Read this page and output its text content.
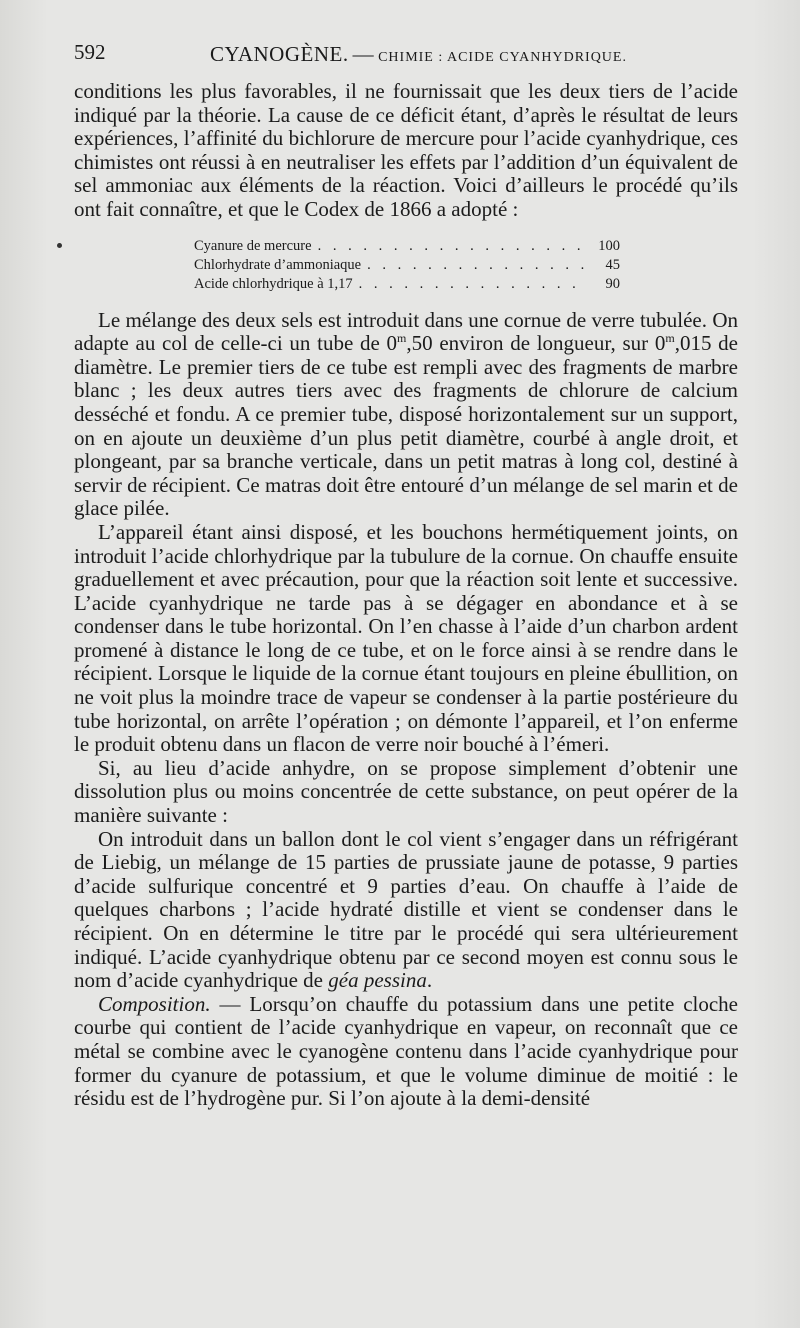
592	CYANOGÈNE. — CHIMIE : ACIDE CYANHYDRIQUE.

conditions les plus favorables, il ne fournissait que les deux tiers de l’acide indiqué par la théorie. La cause de ce déficit étant, d’après le résultat de leurs expériences, l’affinité du bichlorure de mercure pour l’acide cyanhydrique, ces chimistes ont réussi à en neutraliser les effets par l’addition d’un équivalent de sel ammoniac aux éléments de la réaction. Voici d’ailleurs le procédé qu’ils ont fait connaître, et que le Codex de 1866 a adopté :

Cyanure de mercure . . .	100
Chlorhydrate d’ammoniaque . . .	45
Acide chlorhydrique à 1,17 . . .	90

Le mélange des deux sels est introduit dans une cornue de verre tubulée. On adapte au col de celle-ci un tube de 0$^m$,50 environ de longueur, sur 0$^m$,015 de diamètre. Le premier tiers de ce tube est rempli avec des fragments de marbre blanc ; les deux autres tiers avec des fragments de chlorure de calcium desséché et fondu. A ce premier tube, disposé horizontalement sur un support, on en ajoute un deuxième d’un plus petit diamètre, courbé à angle droit, et plongeant, par sa branche verticale, dans un petit matras à long col, destiné à servir de récipient. Ce matras doit être entouré d’un mélange de sel marin et de glace pilée.

L’appareil étant ainsi disposé, et les bouchons hermétiquement joints, on introduit l’acide chlorhydrique par la tubulure de la cornue. On chauffe ensuite graduellement et avec précaution, pour que la réaction soit lente et successive. L’acide cyanhydrique ne tarde pas à se dégager en abondance et à se condenser dans le tube horizontal. On l’en chasse à l’aide d’un charbon ardent promené à distance le long de ce tube, et on le force ainsi à se rendre dans le récipient. Lorsque le liquide de la cornue étant toujours en pleine ébullition, on ne voit plus la moindre trace de vapeur se condenser à la partie postérieure du tube horizontal, on arrête l’opération ; on démonte l’appareil, et l’on enferme le produit obtenu dans un flacon de verre noir bouché à l’émeri.

Si, au lieu d’acide anhydre, on se propose simplement d’obtenir une dissolution plus ou moins concentrée de cette substance, on peut opérer de la manière suivante :

On introduit dans un ballon dont le col vient s’engager dans un réfrigérant de Liebig, un mélange de 15 parties de prussiate jaune de potasse, 9 parties d’acide sulfurique concentré et 9 parties d’eau. On chauffe à l’aide de quelques charbons ; l’acide hydraté distille et vient se condenser dans le récipient. On en détermine le titre par le procédé qui sera ultérieurement indiqué. L’acide cyanhydrique obtenu par ce second moyen est connu sous le nom d’acide cyanhydrique de géa pessina.

Composition. — Lorsqu’on chauffe du potassium dans une petite cloche courbe qui contient de l’acide cyanhydrique en vapeur, on reconnaît que ce métal se combine avec le cyanogène contenu dans l’acide cyanhydrique pour former du cyanure de potassium, et que le volume diminue de moitié : le résidu est de l’hydrogène pur. Si l’on ajoute à la demi-densité
